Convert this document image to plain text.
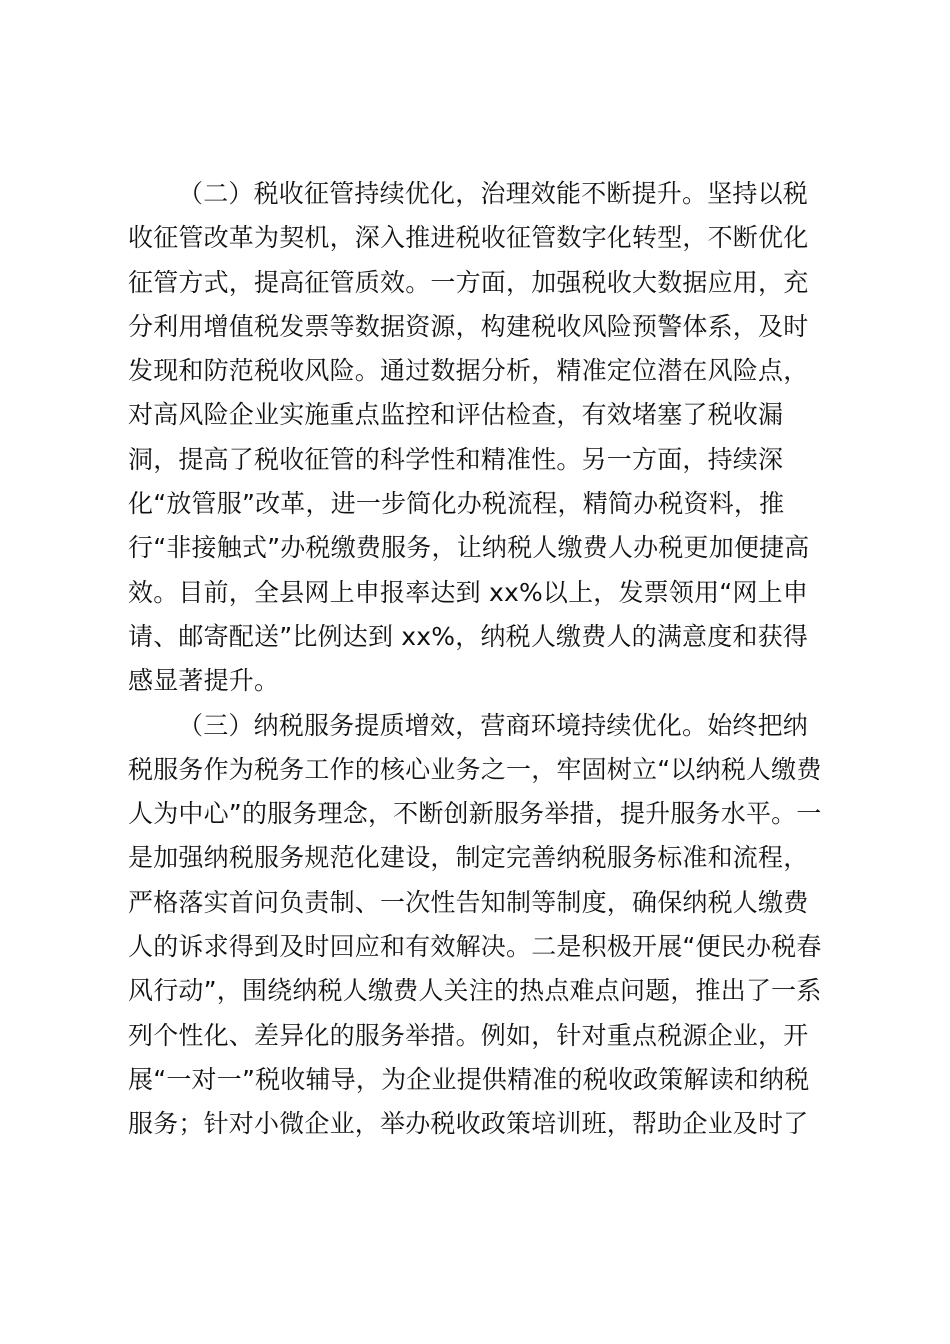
（二）税收征管持续优化，治理效能不断提升。坚持以税
收征管改革为契机，深入推进税收征管数字化转型，不断优化
征管方式，提高征管质效。一方面，加强税收大数据应用，充
分利用增值税发票等数据资源，构建税收风险预警体系，及时
发现和防范税收风险。通过数据分析，精准定位潜在风险点，
对高风险企业实施重点监控和评估检查，有效堵塞了税收漏
洞，提高了税收征管的科学性和精准性。另一方面，持续深
化“放管服”改革，进一步简化办税流程，精简办税资料，推
行“非接触式”办税缴费服务，让纳税人缴费人办税更加便捷高
效。目前，全县网上申报率达到 xx%以上，发票领用“网上申
请、邮寄配送”比例达到 xx%，纳税人缴费人的满意度和获得
感显著提升。
（三）纳税服务提质增效，营商环境持续优化。始终把纳
税服务作为税务工作的核心业务之一，牢固树立“以纳税人缴费
人为中心”的服务理念，不断创新服务举措，提升服务水平。一
是加强纳税服务规范化建设，制定完善纳税服务标准和流程，
严格落实首问负责制、一次性告知制等制度，确保纳税人缴费
人的诉求得到及时回应和有效解决。二是积极开展“便民办税春
风行动”，围绕纳税人缴费人关注的热点难点问题，推出了一系
列个性化、差异化的服务举措。例如，针对重点税源企业，开
展“一对一”税收辅导，为企业提供精准的税收政策解读和纳税
服务；针对小微企业，举办税收政策培训班，帮助企业及时了
